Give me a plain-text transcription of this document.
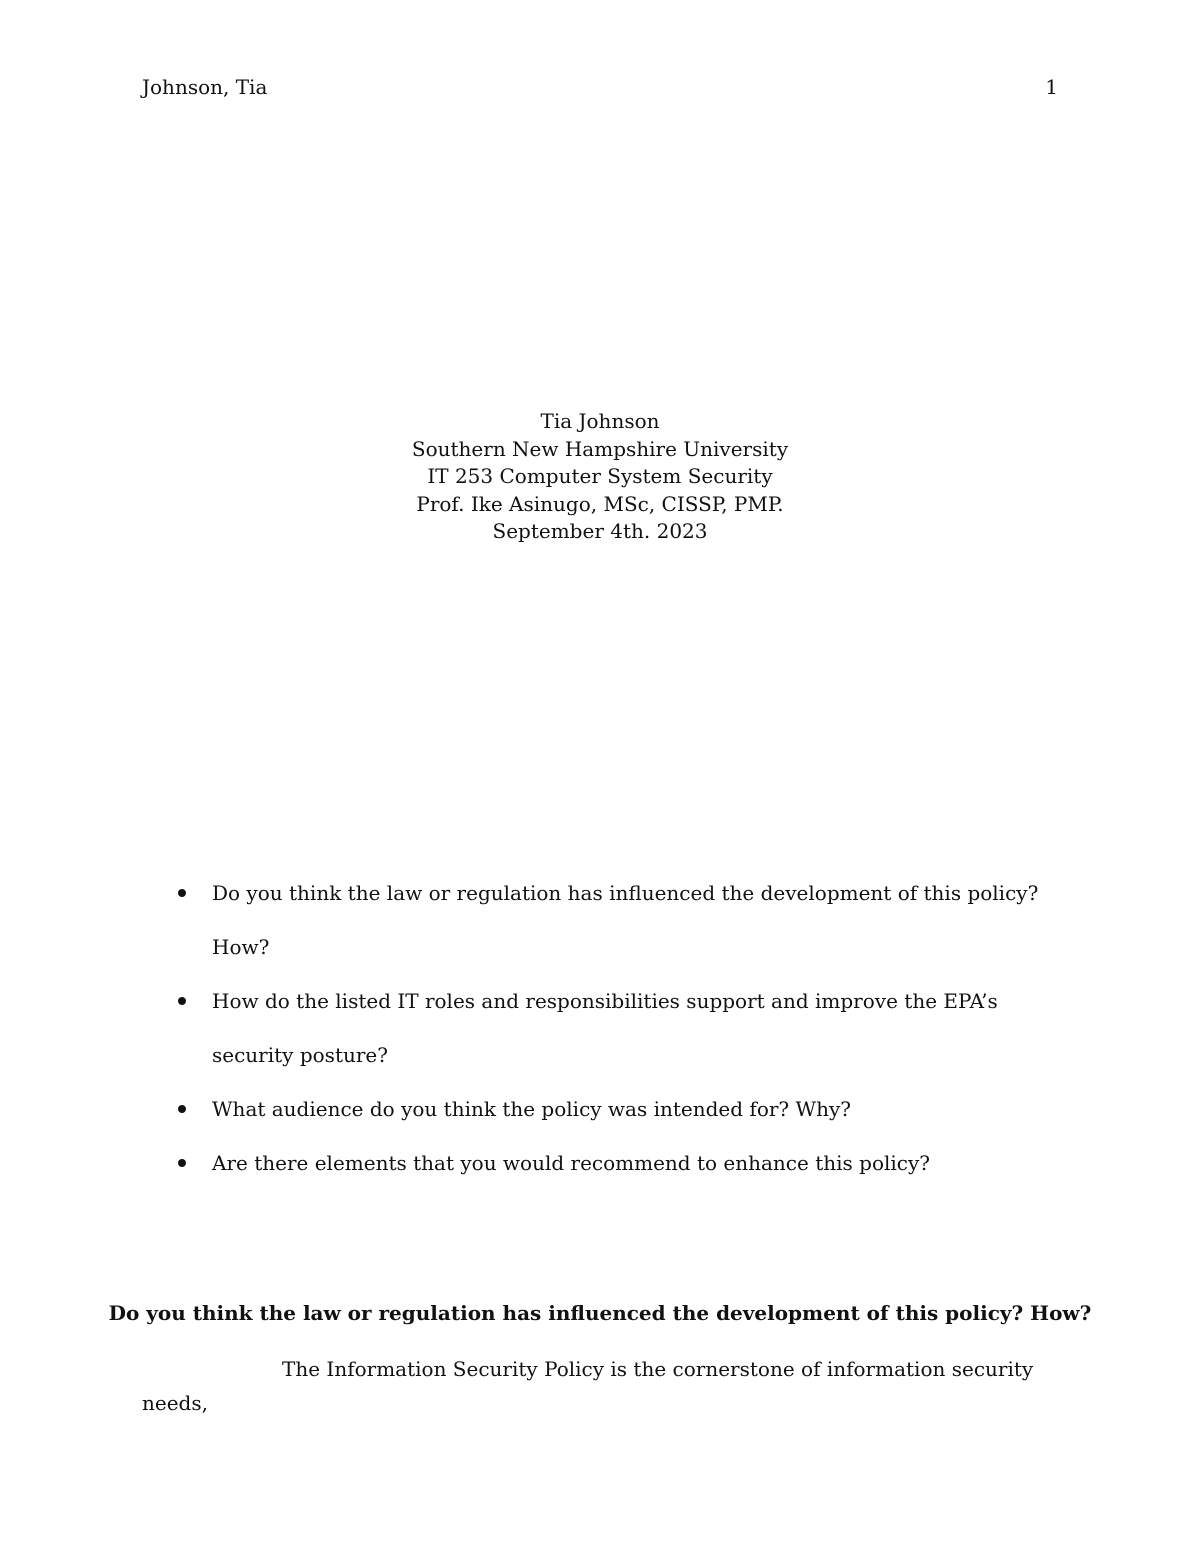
Johnson, Tia	1
Tia Johnson
Southern New Hampshire University
IT 253 Computer System Security
Prof. Ike Asinugo, MSc, CISSP, PMP.
September 4th. 2023
Do you think the law or regulation has influenced the development of this policy? How?
How do the listed IT roles and responsibilities support and improve the EPA’s security posture?
What audience do you think the policy was intended for? Why?
Are there elements that you would recommend to enhance this policy?
Do you think the law or regulation has influenced the development of this policy? How?
The Information Security Policy is the cornerstone of information security needs,
